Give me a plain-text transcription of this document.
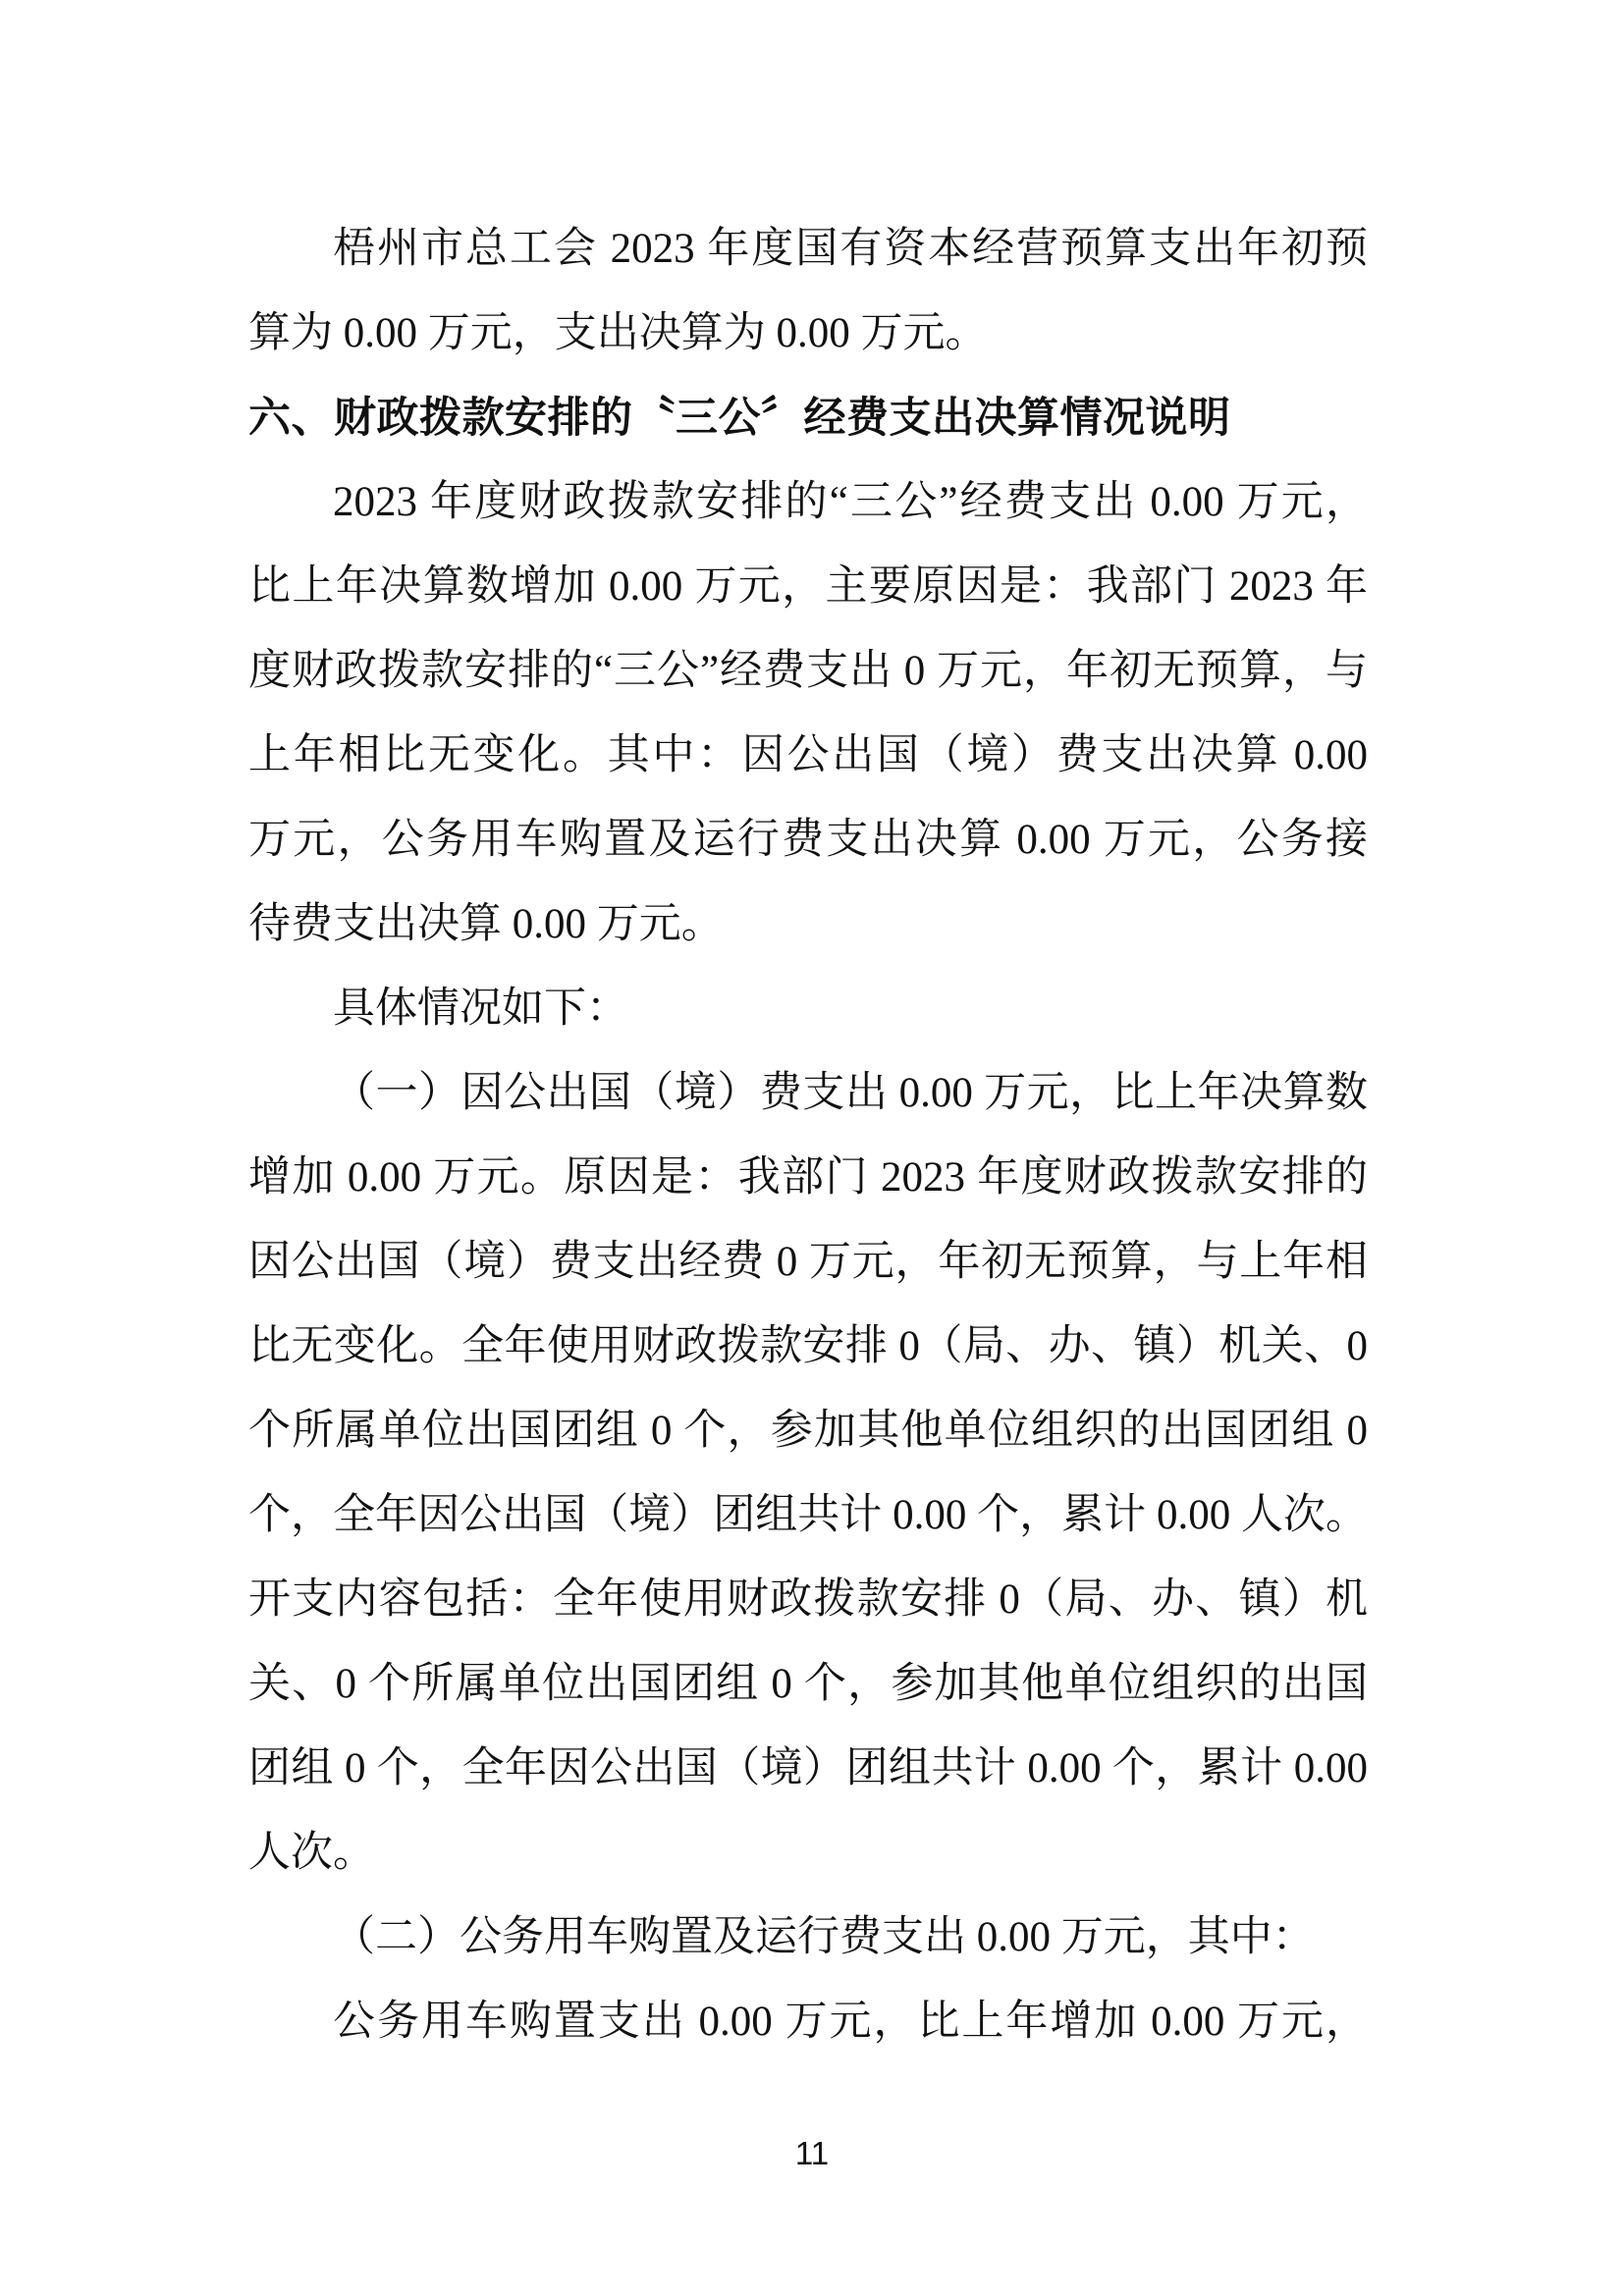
梧州市总工会 2023 年度国有资本经营预算支出年初预
算为 0.00 万元，支出决算为 0.00 万元。
六、财政拨款安排的〝三公〞经费支出决算情况说明
2023 年度财政拨款安排的“三公”经费支出 0.00 万元，
比上年决算数增加 0.00 万元，主要原因是：我部门 2023 年
度财政拨款安排的“三公”经费支出 0 万元，年初无预算，与
上年相比无变化。其中：因公出国（境）费支出决算 0.00
万元，公务用车购置及运行费支出决算 0.00 万元，公务接
待费支出决算 0.00 万元。
具体情况如下：
（一）因公出国（境）费支出 0.00 万元，比上年决算数
增加 0.00 万元。原因是：我部门 2023 年度财政拨款安排的
因公出国（境）费支出经费 0 万元，年初无预算，与上年相
比无变化。全年使用财政拨款安排 0（局、办、镇）机关、0
个所属单位出国团组 0 个，参加其他单位组织的出国团组 0
个，全年因公出国（境）团组共计 0.00 个，累计 0.00 人次。
开支内容包括：全年使用财政拨款安排 0（局、办、镇）机
关、0 个所属单位出国团组 0 个，参加其他单位组织的出国
团组 0 个，全年因公出国（境）团组共计 0.00 个，累计 0.00
人次。
（二）公务用车购置及运行费支出 0.00 万元，其中：
公务用车购置支出 0.00 万元，比上年增加 0.00 万元，
11
